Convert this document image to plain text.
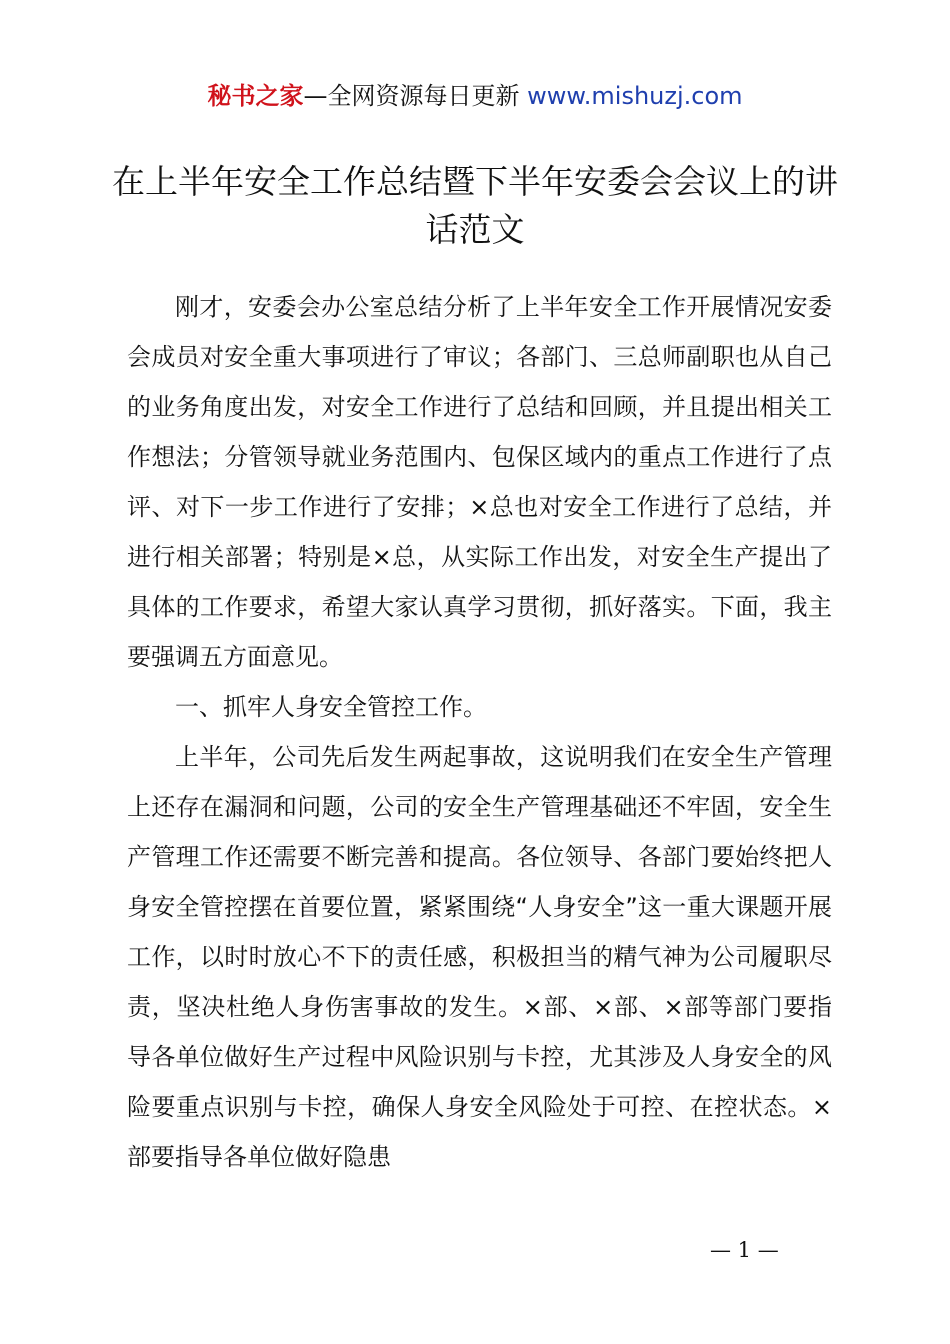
秘书之家—全网资源每日更新 www.mishuzj.com
在上半年安全工作总结暨下半年安委会会议上的讲话范文

刚才，安委会办公室总结分析了上半年安全工作开展情况安委会成员对安全重大事项进行了审议；各部门、三总师副职也从自己的业务角度出发，对安全工作进行了总结和回顾，并且提出相关工作想法；分管领导就业务范围内、包保区域内的重点工作进行了点评、对下一步工作进行了安排；×总也对安全工作进行了总结，并进行相关部署；特别是×总，从实际工作出发，对安全生产提出了具体的工作要求，希望大家认真学习贯彻，抓好落实。下面，我主要强调五方面意见。

一、抓牢人身安全管控工作。

上半年，公司先后发生两起事故，这说明我们在安全生产管理上还存在漏洞和问题，公司的安全生产管理基础还不牢固，安全生产管理工作还需要不断完善和提高。各位领导、各部门要始终把人身安全管控摆在首要位置，紧紧围绕“人身安全”这一重大课题开展工作，以时时放心不下的责任感，积极担当的精气神为公司履职尽责，坚决杜绝人身伤害事故的发生。×部、×部、×部等部门要指导各单位做好生产过程中风险识别与卡控，尤其涉及人身安全的风险要重点识别与卡控，确保人身安全风险处于可控、在控状态。×部要指导各单位做好隐患

— 1 —
